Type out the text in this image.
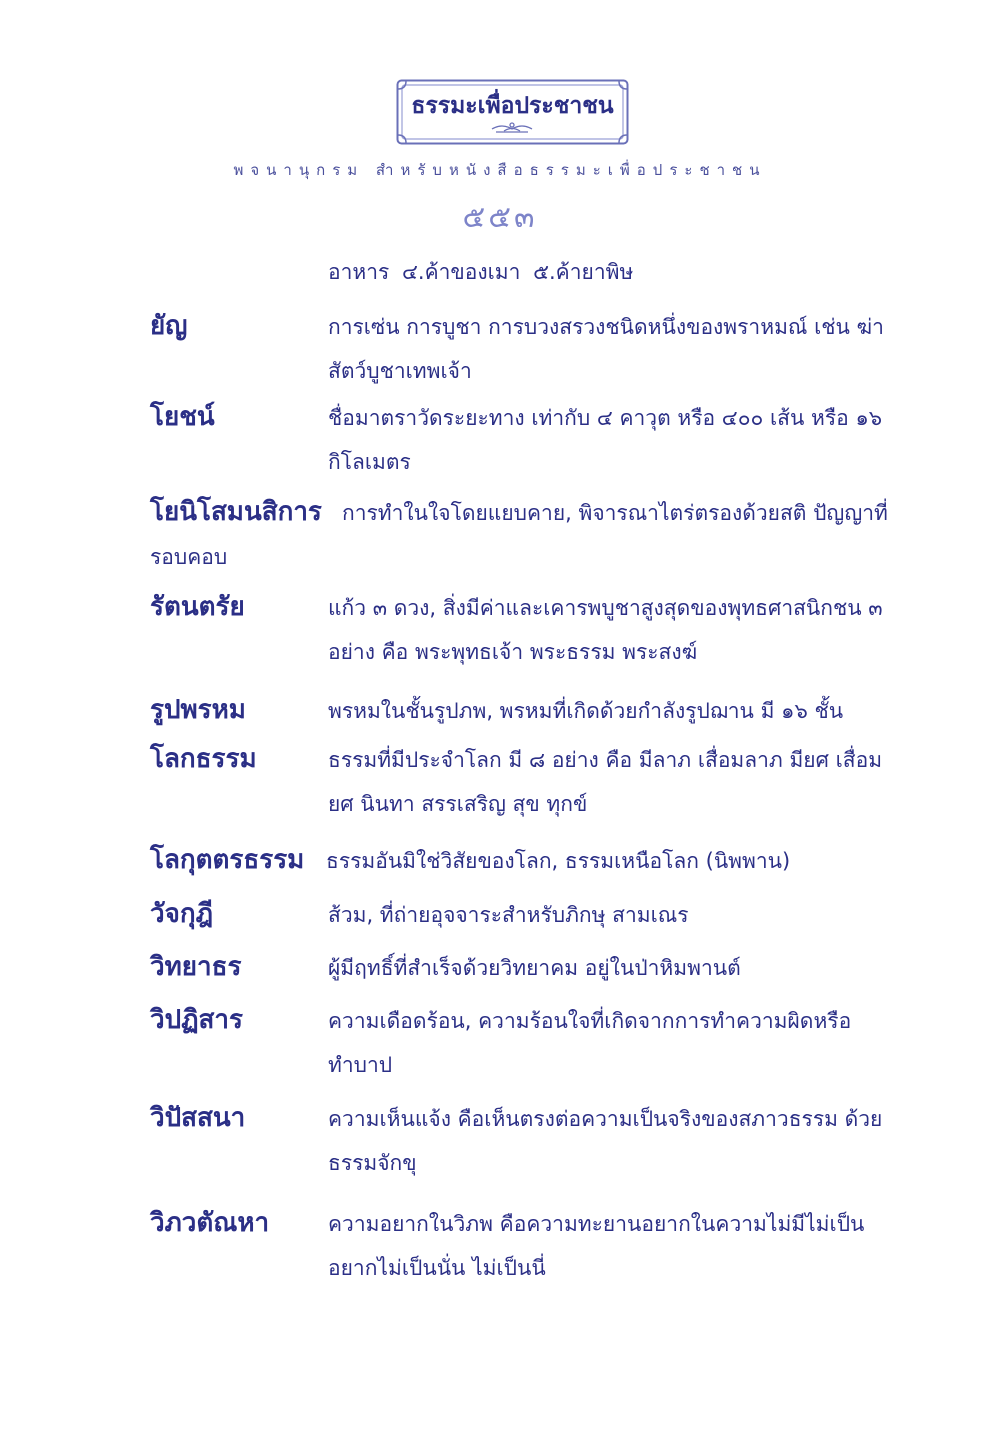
ธรรมะเพื่อประชาชน
พจนานุกรม สำหรับหนังสือธรรมะเพื่อประชาชน
๕๕๓
อาหาร ๔.ค้าของเมา ๕.ค้ายาพิษ
ยัญ	การเซ่น การบูชา การบวงสรวงชนิดหนึ่งของพราหมณ์ เช่น ฆ่าสัตว์บูชาเทพเจ้า
โยชน์	ชื่อมาตราวัดระยะทาง เท่ากับ ๔ คาวุต หรือ ๔๐๐ เส้น หรือ ๑๖ กิโลเมตร
โยนิโสมนสิการ การทำในใจโดยแยบคาย, พิจารณาไตร่ตรองด้วยสติ ปัญญาที่รอบคอบ
รัตนตรัย	แก้ว ๓ ดวง, สิ่งมีค่าและเคารพบูชาสูงสุดของพุทธศาสนิกชน ๓ อย่าง คือ พระพุทธเจ้า พระธรรม พระสงฆ์
รูปพรหม	พรหมในชั้นรูปภพ, พรหมที่เกิดด้วยกำลังรูปฌาน มี ๑๖ ชั้น
โลกธรรม	ธรรมที่มีประจำโลก มี ๘ อย่าง คือ มีลาภ เสื่อมลาภ มียศ เสื่อมยศ นินทา สรรเสริญ สุข ทุกข์
โลกุตตรธรรม	ธรรมอันมิใช่วิสัยของโลก, ธรรมเหนือโลก (นิพพาน)
วัจกุฎี	ส้วม, ที่ถ่ายอุจจาระสำหรับภิกษุ สามเณร
วิทยาธร	ผู้มีฤทธิ์ที่สำเร็จด้วยวิทยาคม อยู่ในป่าหิมพานต์
วิปฏิสาร	ความเดือดร้อน, ความร้อนใจที่เกิดจากการทำความผิดหรือ ทำบาป
วิปัสสนา	ความเห็นแจ้ง คือเห็นตรงต่อความเป็นจริงของสภาวธรรม ด้วยธรรมจักขุ
วิภวตัณหา	ความอยากในวิภพ คือความทะยานอยากในความไม่มีไม่เป็น อยากไม่เป็นนั่น ไม่เป็นนี่
